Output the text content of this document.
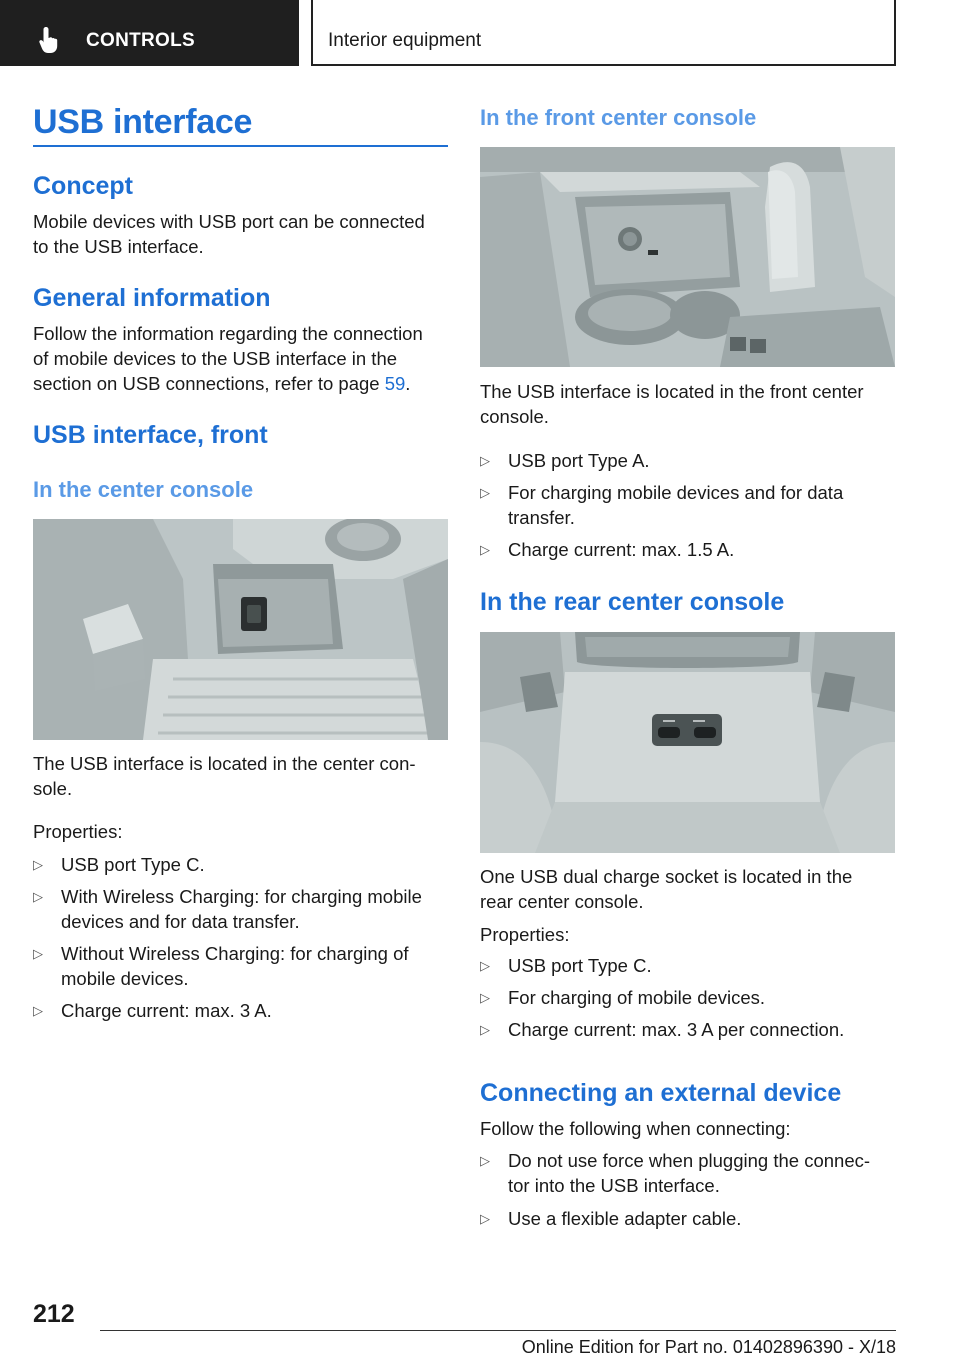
CONTROLS	Interior equipment
USB interface
Concept
Mobile devices with USB port can be connected
to the USB interface.
General information
Follow the information regarding the connection
of mobile devices to the USB interface in the
section on USB connections, refer to page 59.
USB interface, front
In the center console
The USB interface is located in the center con‐
sole.
Properties:
▷ USB port Type C.
▷ With Wireless Charging: for charging mobile
devices and for data transfer.
▷ Without Wireless Charging: for charging of
mobile devices.
▷ Charge current: max. 3 A.
In the front center console
The USB interface is located in the front center
console.
▷ USB port Type A.
▷ For charging mobile devices and for data
transfer.
▷ Charge current: max. 1.5 A.
In the rear center console
One USB dual charge socket is located in the
rear center console.
Properties:
▷ USB port Type C.
▷ For charging of mobile devices.
▷ Charge current: max. 3 A per connection.
Connecting an external device
Follow the following when connecting:
▷ Do not use force when plugging the connec‐
tor into the USB interface.
▷ Use a flexible adapter cable.
212
Online Edition for Part no. 01402896390 - X/18
